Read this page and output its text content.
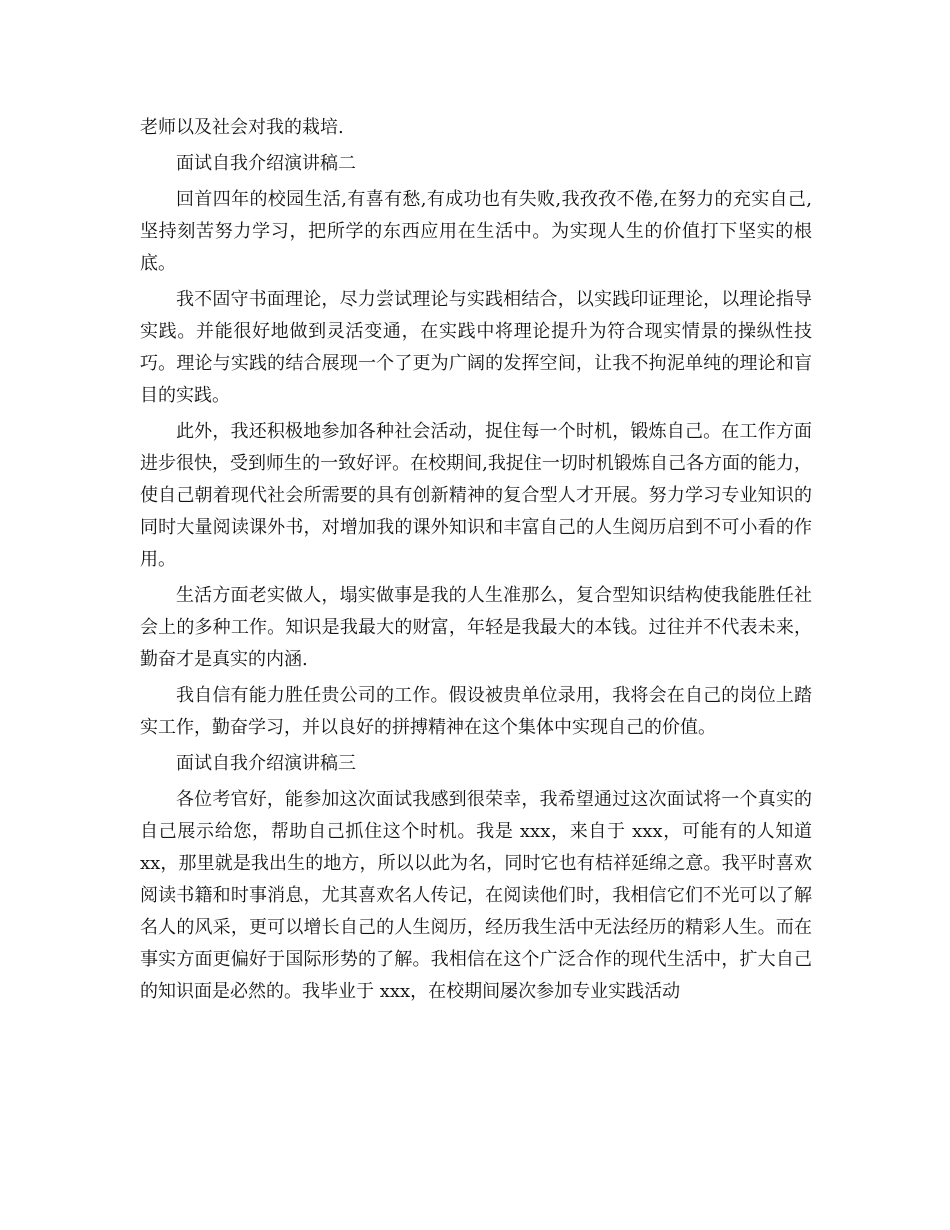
老师以及社会对我的栽培.

面试自我介绍演讲稿二

回首四年的校园生活,有喜有愁,有成功也有失败,我孜孜不倦,在努力的充实自己,坚持刻苦努力学习，把所学的东西应用在生活中。为实现人生的价值打下坚实的根底。

我不固守书面理论，尽力尝试理论与实践相结合，以实践印证理论，以理论指导实践。并能很好地做到灵活变通，在实践中将理论提升为符合现实情景的操纵性技巧。理论与实践的结合展现一个了更为广阔的发挥空间，让我不拘泥单纯的理论和盲目的实践。

此外，我还积极地参加各种社会活动，捉住每一个时机，锻炼自己。在工作方面进步很快，受到师生的一致好评。在校期间,我捉住一切时机锻炼自己各方面的能力，使自己朝着现代社会所需要的具有创新精神的复合型人才开展。努力学习专业知识的同时大量阅读课外书，对增加我的课外知识和丰富自己的人生阅历启到不可小看的作用。

生活方面老实做人，塌实做事是我的人生准那么，复合型知识结构使我能胜任社会上的多种工作。知识是我最大的财富，年轻是我最大的本钱。过往并不代表未来，勤奋才是真实的内涵.

我自信有能力胜任贵公司的工作。假设被贵单位录用，我将会在自己的岗位上踏实工作，勤奋学习，并以良好的拼搏精神在这个集体中实现自己的价值。

面试自我介绍演讲稿三

各位考官好，能参加这次面试我感到很荣幸，我希望通过这次面试将一个真实的自己展示给您，帮助自己抓住这个时机。我是 xxx，来自于 xxx，可能有的人知道 xx，那里就是我出生的地方，所以以此为名，同时它也有桔祥延绵之意。我平时喜欢阅读书籍和时事消息，尤其喜欢名人传记，在阅读他们时，我相信它们不光可以了解名人的风采，更可以增长自己的人生阅历，经历我生活中无法经历的精彩人生。而在事实方面更偏好于国际形势的了解。我相信在这个广泛合作的现代生活中，扩大自己的知识面是必然的。我毕业于 xxx，在校期间屡次参加专业实践活动
